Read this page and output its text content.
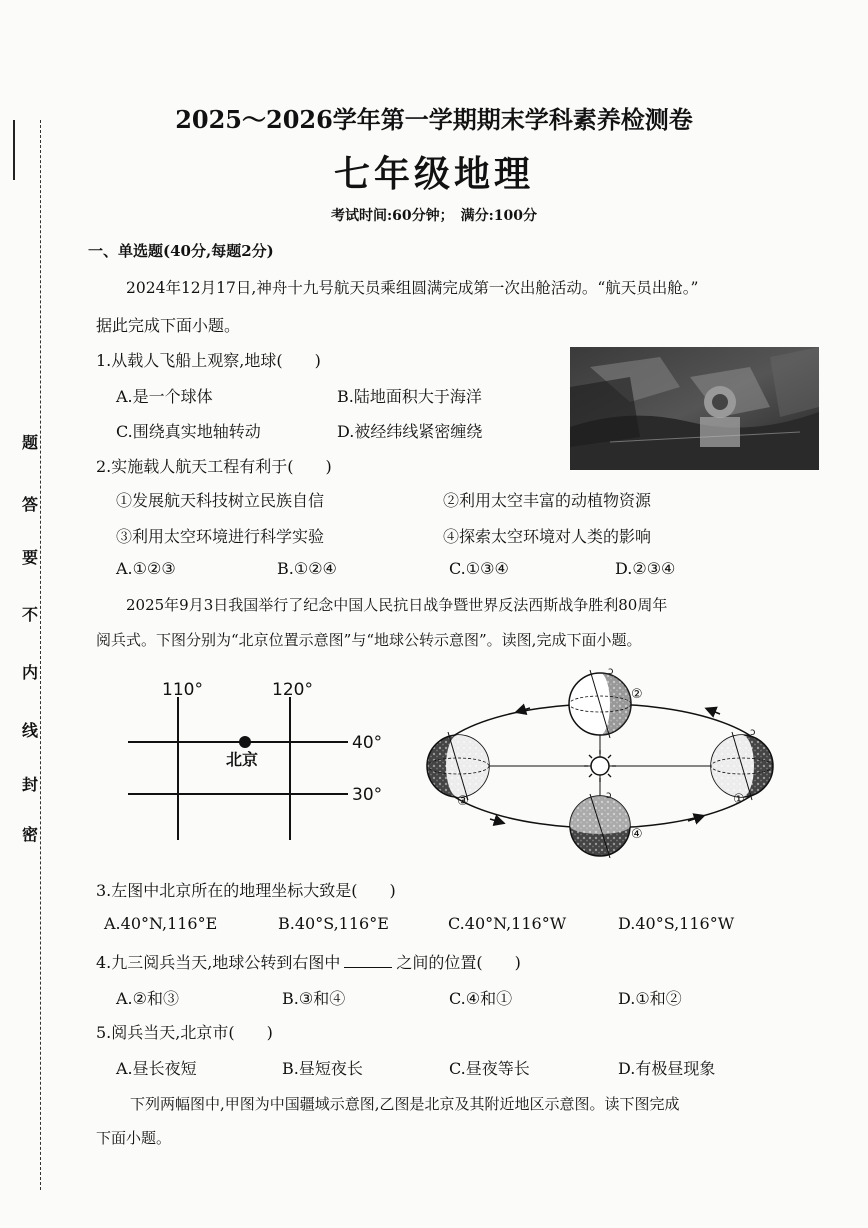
题
答
要
不
内
线
封
密
2025～2026学年第一学期期末学科素养检测卷
七年级地理
考试时间:60分钟；　满分:100分
一、单选题(40分,每题2分)
2024年12月17日,神舟十九号航天员乘组圆满完成第一次出舱活动。“航天员出舱。”
据此完成下面小题。
1.从载人飞船上观察,地球(　　)
A.是一个球体	B.陆地面积大于海洋
C.围绕真实地轴转动	D.被经纬线紧密缠绕
2.实施载人航天工程有利于(　　)
①发展航天科技树立民族自信	②利用太空丰富的动植物资源
③利用太空环境进行科学实验	④探索太空环境对人类的影响
A.①②③	B.①②④	C.①③④	D.②③④
2025年9月3日我国举行了纪念中国人民抗日战争暨世界反法西斯战争胜利80周年
阅兵式。下图分别为“北京位置示意图”与“地球公转示意图”。读图,完成下面小题。
110°	120°
40°
30°
北京
ↄ
ↄ
ↄ
②
①
③
④
3.左图中北京所在的地理坐标大致是(　　)
A.40°N,116°E	B.40°S,116°E	C.40°N,116°W	D.40°S,116°W
4.九三阅兵当天,地球公转到右图中	之间的位置(　　)
A.②和③	B.③和④	C.④和①	D.①和②
5.阅兵当天,北京市(　　)
A.昼长夜短	B.昼短夜长	C.昼夜等长	D.有极昼现象
下列两幅图中,甲图为中国疆域示意图,乙图是北京及其附近地区示意图。读下图完成
下面小题。
